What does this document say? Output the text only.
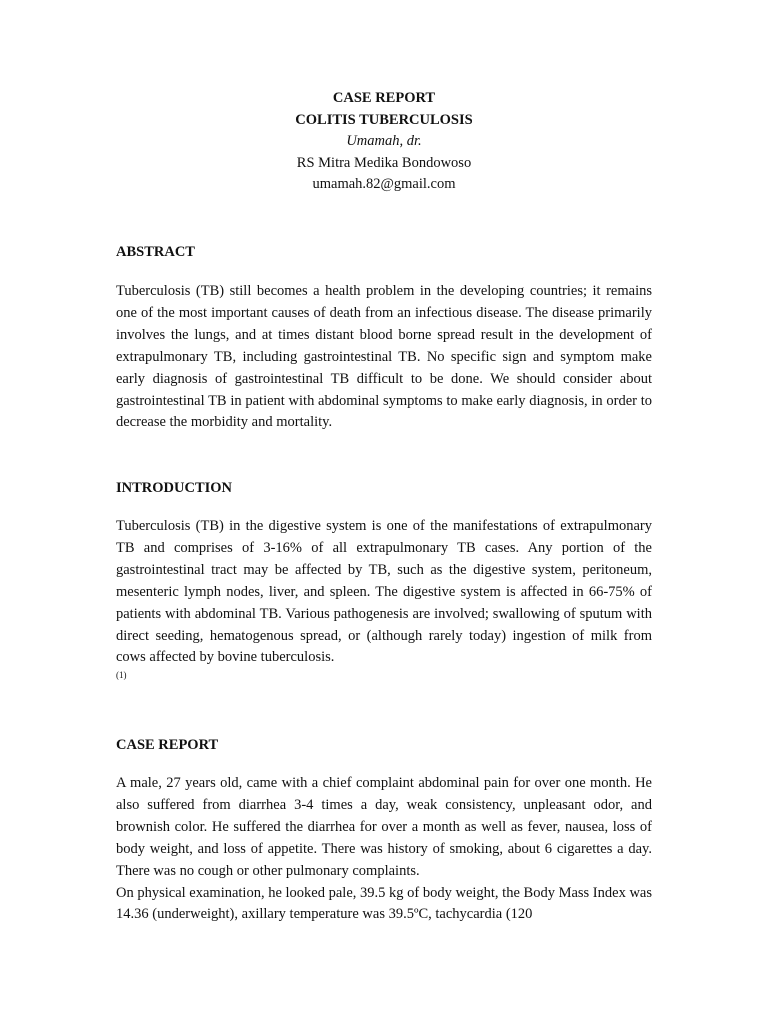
CASE REPORT
COLITIS TUBERCULOSIS
Umamah, dr.
RS Mitra Medika Bondowoso
umamah.82@gmail.com
ABSTRACT

Tuberculosis (TB) still becomes a health problem in the developing countries; it remains one of the most important causes of death from an infectious disease. The disease primarily involves the lungs, and at times distant blood borne spread result in the development of extrapulmonary TB, including gastrointestinal TB. No specific sign and symptom make early diagnosis of gastrointestinal TB difficult to be done. We should consider about gastrointestinal TB in patient with abdominal symptoms to make early diagnosis, in order to decrease the morbidity and mortality.

INTRODUCTION
Tuberculosis (TB) in the digestive system is one of the manifestations of extrapulmonary TB and comprises of 3-16% of all extrapulmonary TB cases. Any portion of the gastrointestinal tract may be affected by TB, such as the digestive system, peritoneum, mesenteric lymph nodes, liver, and spleen. The digestive system is affected in 66-75% of patients with abdominal TB. Various pathogenesis are involved; swallowing of sputum with direct seeding, hematogenous spread, or (although rarely today) ingestion of milk from cows affected by bovine tuberculosis.
(1)
CASE REPORT
A male, 27 years old, came with a chief complaint abdominal pain for over one month. He also suffered from diarrhea 3-4 times a day, weak consistency, unpleasant odor, and brownish color. He suffered the diarrhea for over a month as well as fever, nausea, loss of body weight, and loss of appetite. There was history of smoking, about 6 cigarettes a day. There was no cough or other pulmonary complaints.
On physical examination, he looked pale, 39.5 kg of body weight, the Body Mass Index was 14.36 (underweight), axillary temperature was 39.5ºC, tachycardia (120
